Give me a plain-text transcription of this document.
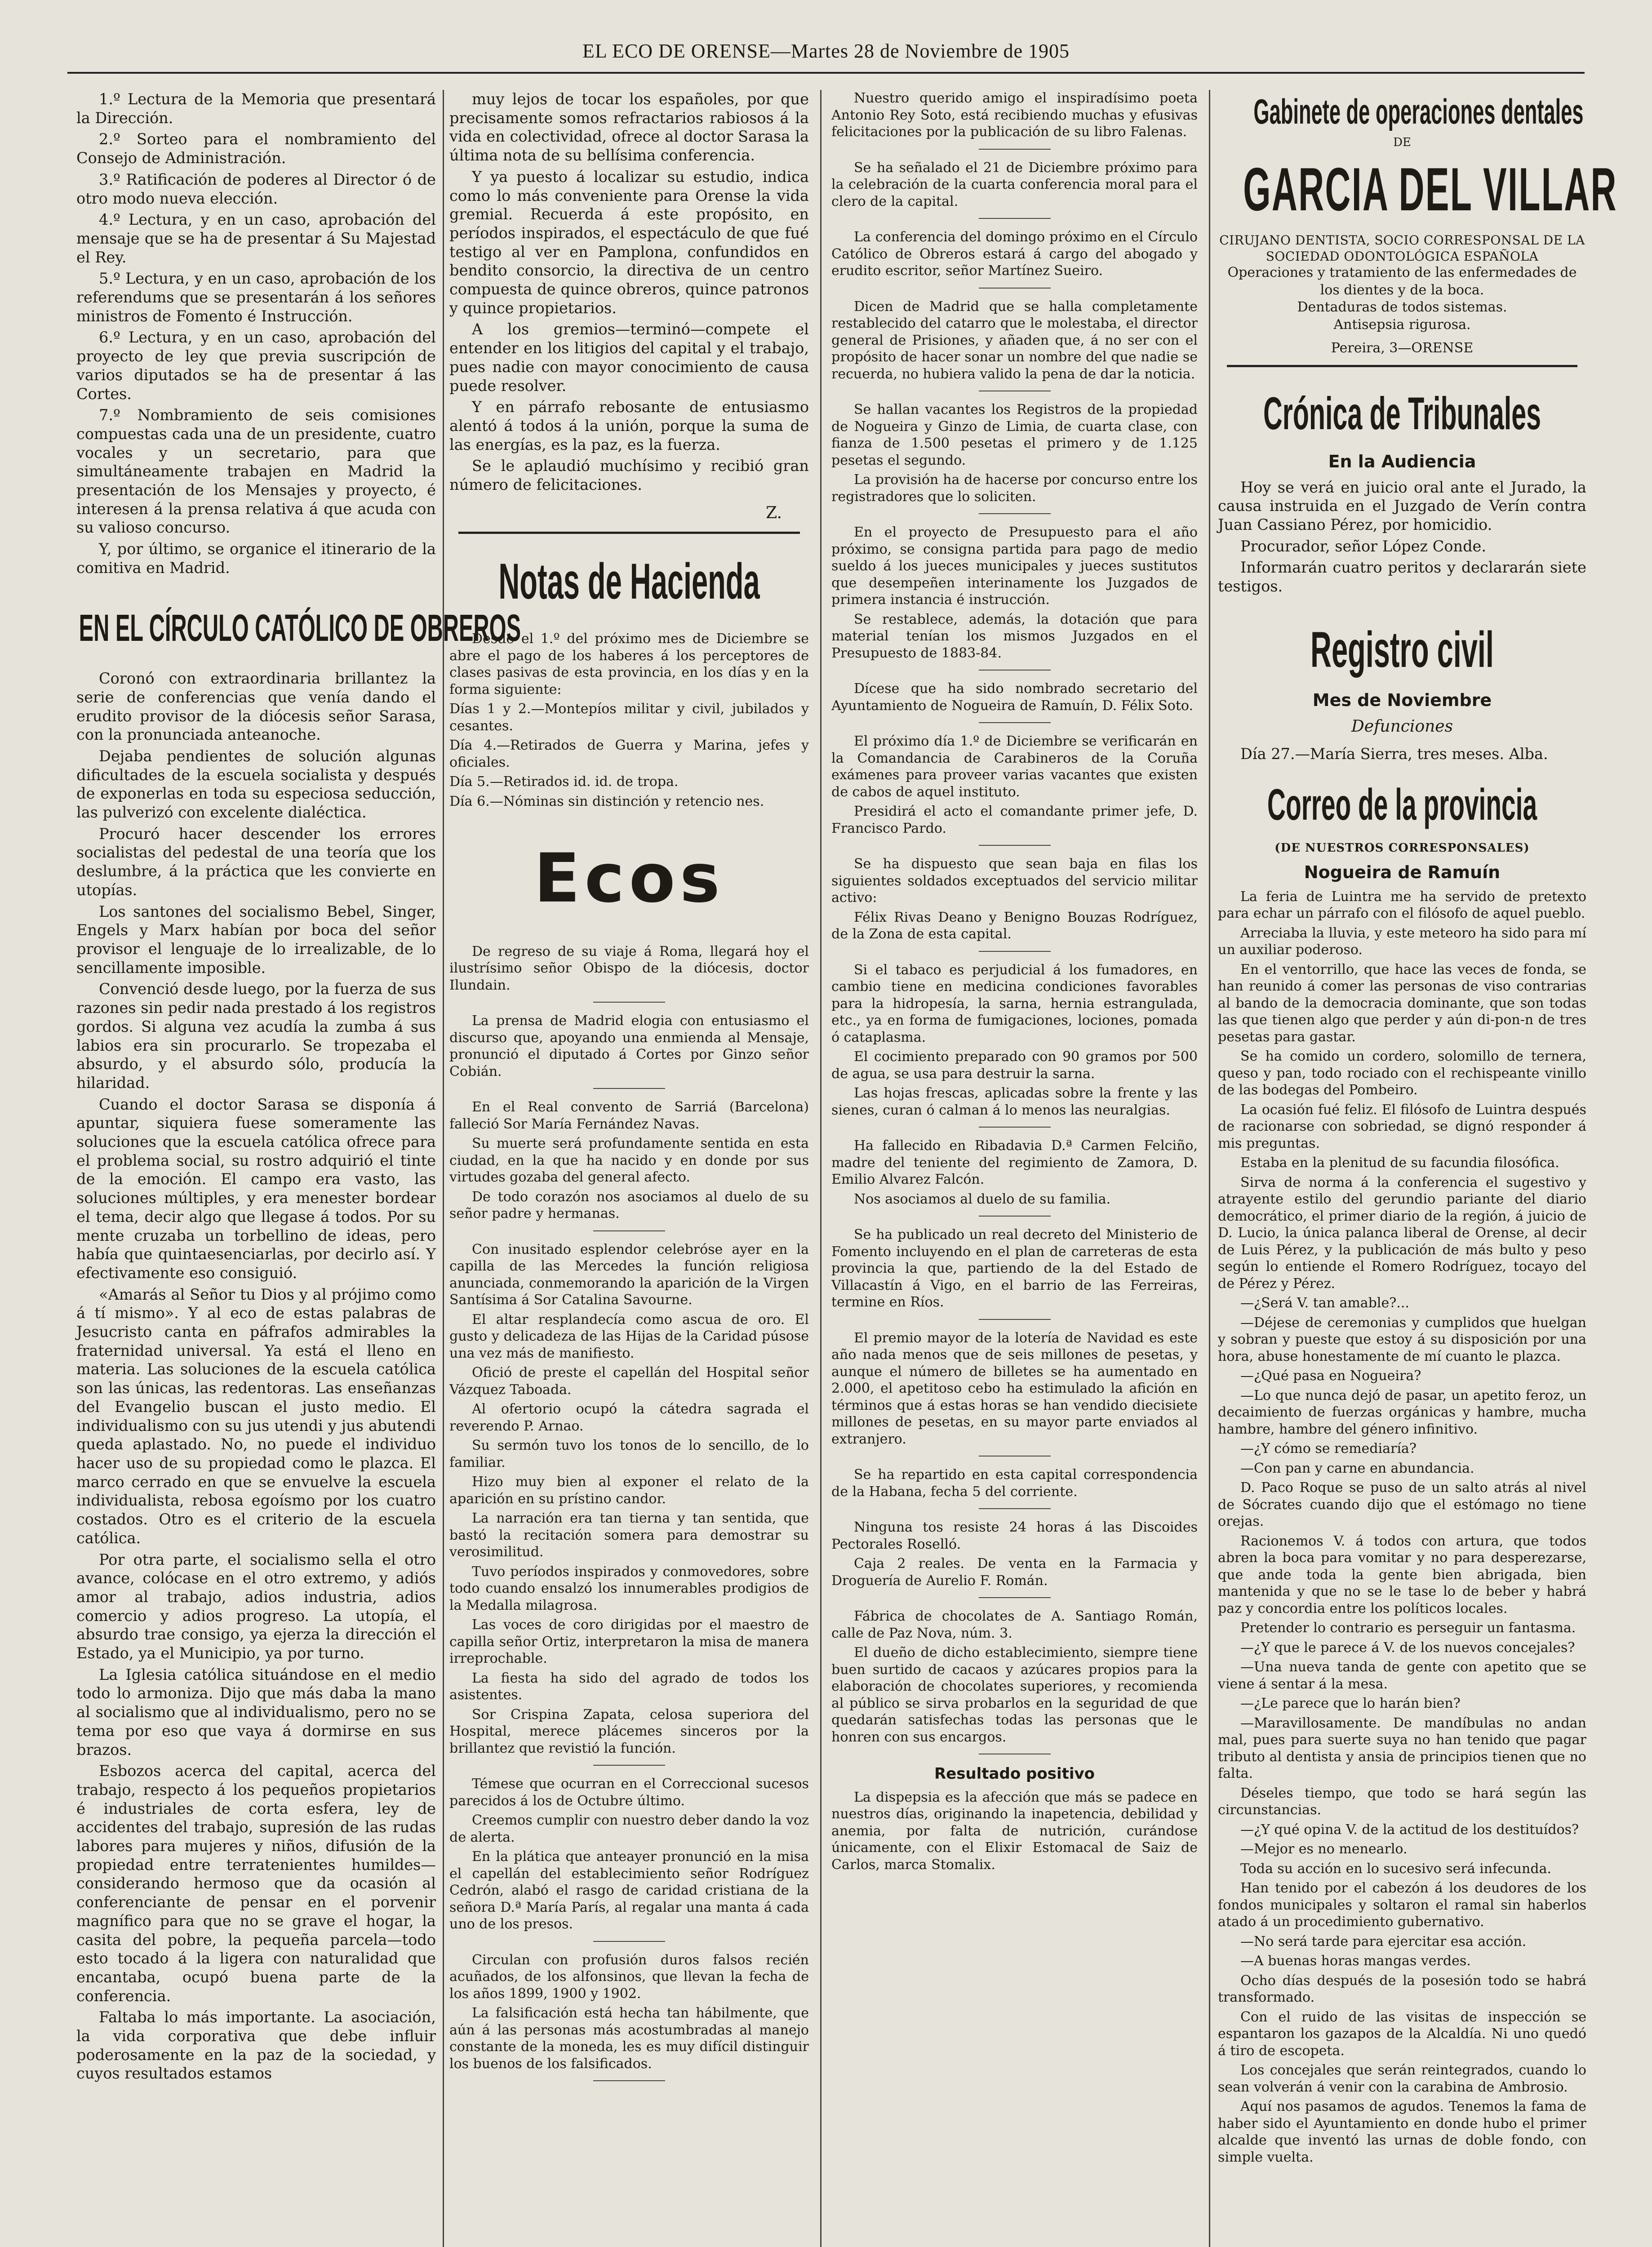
EL ECO DE ORENSE—Martes 28 de Noviembre de 1905

1.º Lectura de la Memoria que presentará la Dirección.

2.º Sorteo para el nombramiento del Consejo de Administración.

3.º Ratificación de poderes al Director ó de otro modo nueva elección.

4.º Lectura, y en un caso, aprobación del mensaje que se ha de presentar á Su Majestad el Rey.

5.º Lectura, y en un caso, aprobación de los referendums que se presentarán á los señores ministros de Fomento é Instrucción.

6.º Lectura, y en un caso, aprobación del proyecto de ley que previa suscripción de varios diputados se ha de presentar á las Cortes.

7.º Nombramiento de seis comisiones compuestas cada una de un presidente, cuatro vocales y un secretario, para que simultáneamente trabajen en Madrid la presentación de los Mensajes y proyecto, é interesen á la prensa relativa á que acuda con su valioso concurso.

Y, por último, se organice el itinerario de la comitiva en Madrid.

EN EL CÍRCULO CATÓLICO DE OBREROS

Coronó con extraordinaria brillantez la serie de conferencias que venía dando el erudito provisor de la diócesis señor Sarasa, con la pronunciada anteanoche.

Dejaba pendientes de solución algunas dificultades de la escuela socialista y después de exponerlas en toda su especiosa seducción, las pulverizó con excelente dialéctica.

Procuró hacer descender los errores socialistas del pedestal de una teoría que los deslumbre, á la práctica que les convierte en utopías.

Los santones del socialismo Bebel, Singer, Engels y Marx habían por boca del señor provisor el lenguaje de lo irrealizable, de lo sencillamente imposible.

Convenció desde luego, por la fuerza de sus razones sin pedir nada prestado á los registros gordos. Si alguna vez acudía la zumba á sus labios era sin procurarlo. Se tropezaba el absurdo, y el absurdo sólo, producía la hilaridad.

Cuando el doctor Sarasa se disponía á apuntar, siquiera fuese someramente las soluciones que la escuela católica ofrece para el problema social, su rostro adquirió el tinte de la emoción. El campo era vasto, las soluciones múltiples, y era menester bordear el tema, decir algo que llegase á todos. Por su mente cruzaba un torbellino de ideas, pero había que quintaesenciarlas, por decirlo así. Y efectivamente eso consiguió.

«Amarás al Señor tu Dios y al prójimo como á tí mismo». Y al eco de estas palabras de Jesucristo canta en páfrafos admirables la fraternidad universal. Ya está el lleno en materia. Las soluciones de la escuela católica son las únicas, las redentoras. Las enseñanzas del Evangelio buscan el justo medio. El individualismo con su jus utendi y jus abutendi queda aplastado. No, no puede el individuo hacer uso de su propiedad como le plazca. El marco cerrado en que se envuelve la escuela individualista, rebosa egoísmo por los cuatro costados. Otro es el criterio de la escuela católica.

Por otra parte, el socialismo sella el otro avance, colócase en el otro extremo, y adiós amor al trabajo, adios industria, adios comercio y adios progreso. La utopía, el absurdo trae consigo, ya ejerza la dirección el Estado, ya el Municipio, ya por turno.

La Iglesia católica situándose en el medio todo lo armoniza. Dijo que más daba la mano al socialismo que al individualismo, pero no se tema por eso que vaya á dormirse en sus brazos.

Esbozos acerca del capital, acerca del trabajo, respecto á los pequeños propietarios é industriales de corta esfera, ley de accidentes del trabajo, supresión de las rudas labores para mujeres y niños, difusión de la propiedad entre terratenientes humildes—considerando hermoso que da ocasión al conferenciante de pensar en el porvenir magnífico para que no se grave el hogar, la casita del pobre, la pequeña parcela—todo esto tocado á la ligera con naturalidad que encantaba, ocupó buena parte de la conferencia.

Faltaba lo más importante. La asociación, la vida corporativa que debe influir poderosamente en la paz de la sociedad, y cuyos resultados estamos

muy lejos de tocar los españoles, por que precisamente somos refractarios rabiosos á la vida en colectividad, ofrece al doctor Sarasa la última nota de su bellísima conferencia.

Y ya puesto á localizar su estudio, indica como lo más conveniente para Orense la vida gremial. Recuerda á este propósito, en períodos inspirados, el espectáculo de que fué testigo al ver en Pamplona, confundidos en bendito consorcio, la directiva de un centro compuesta de quince obreros, quince patronos y quince propietarios.

A los gremios—terminó—compete el entender en los litigios del capital y el trabajo, pues nadie con mayor conocimiento de causa puede resolver.

Y en párrafo rebosante de entusiasmo alentó á todos á la unión, porque la suma de las energías, es la paz, es la fuerza.

Se le aplaudió muchísimo y recibió gran número de felicitaciones.

Z.
Notas de Hacienda

Desde el 1.º del próximo mes de Diciembre se abre el pago de los haberes á los perceptores de clases pasivas de esta provincia, en los días y en la forma siguiente:

Días 1 y 2.—Montepíos militar y civil, jubilados y cesantes.

Día 4.—Retirados de Guerra y Marina, jefes y oficiales.

Día 5.—Retirados id. id. de tropa.

Día 6.—Nóminas sin distinción y retencio nes.

Ecos

De regreso de su viaje á Roma, llegará hoy el ilustrísimo señor Obispo de la diócesis, doctor Ilundain.

La prensa de Madrid elogia con entusiasmo el discurso que, apoyando una enmienda al Mensaje, pronunció el diputado á Cortes por Ginzo señor Cobián.

En el Real convento de Sarriá (Barcelona) falleció Sor María Fernández Navas.

Su muerte será profundamente sentida en esta ciudad, en la que ha nacido y en donde por sus virtudes gozaba del general afecto.

De todo corazón nos asociamos al duelo de su señor padre y hermanas.

Con inusitado esplendor celebróse ayer en la capilla de las Mercedes la función religiosa anunciada, conmemorando la aparición de la Virgen Santísima á Sor Catalina Savourne.

El altar resplandecía como ascua de oro. El gusto y delicadeza de las Hijas de la Caridad púsose una vez más de manifiesto.

Ofició de preste el capellán del Hospital señor Vázquez Taboada.

Al ofertorio ocupó la cátedra sagrada el reverendo P. Arnao.

Su sermón tuvo los tonos de lo sencillo, de lo familiar.

Hizo muy bien al exponer el relato de la aparición en su prístino candor.

La narración era tan tierna y tan sentida, que bastó la recitación somera para demostrar su verosimilitud.

Tuvo períodos inspirados y conmovedores, sobre todo cuando ensalzó los innumerables prodigios de la Medalla milagrosa.

Las voces de coro dirigidas por el maestro de capilla señor Ortiz, interpretaron la misa de manera irreprochable.

La fiesta ha sido del agrado de todos los asistentes.

Sor Crispina Zapata, celosa superiora del Hospital, merece plácemes sinceros por la brillantez que revistió la función.

Témese que ocurran en el Correccional sucesos parecidos á los de Octubre último.

Creemos cumplir con nuestro deber dando la voz de alerta.

En la plática que anteayer pronunció en la misa el capellán del establecimiento señor Rodríguez Cedrón, alabó el rasgo de caridad cristiana de la señora D.ª María París, al regalar una manta á cada uno de los presos.

Circulan con profusión duros falsos recién acuñados, de los alfonsinos, que llevan la fecha de los años 1899, 1900 y 1902.

La falsificación está hecha tan hábilmente, que aún á las personas más acostumbradas al manejo constante de la moneda, les es muy difícil distinguir los buenos de los falsificados.

Nuestro querido amigo el inspiradísimo poeta Antonio Rey Soto, está recibiendo muchas y efusivas felicitaciones por la publicación de su libro Falenas.

Se ha señalado el 21 de Diciembre próximo para la celebración de la cuarta conferencia moral para el clero de la capital.

La conferencia del domingo próximo en el Círculo Católico de Obreros estará á cargo del abogado y erudito escritor, señor Martínez Sueiro.

Dicen de Madrid que se halla completamente restablecido del catarro que le molestaba, el director general de Prisiones, y añaden que, á no ser con el propósito de hacer sonar un nombre del que nadie se recuerda, no hubiera valido la pena de dar la noticia.

Se hallan vacantes los Registros de la propiedad de Nogueira y Ginzo de Limia, de cuarta clase, con fianza de 1.500 pesetas el primero y de 1.125 pesetas el segundo.

La provisión ha de hacerse por concurso entre los registradores que lo soliciten.

En el proyecto de Presupuesto para el año próximo, se consigna partida para pago de medio sueldo á los jueces municipales y jueces sustitutos que desempeñen interinamente los Juzgados de primera instancia é instrucción.

Se restablece, además, la dotación que para material tenían los mismos Juzgados en el Presupuesto de 1883-84.

Dícese que ha sido nombrado secretario del Ayuntamiento de Nogueira de Ramuín, D. Félix Soto.

El próximo día 1.º de Diciembre se verificarán en la Comandancia de Carabineros de la Coruña exámenes para proveer varias vacantes que existen de cabos de aquel instituto.

Presidirá el acto el comandante primer jefe, D. Francisco Pardo.

Se ha dispuesto que sean baja en filas los siguientes soldados exceptuados del servicio militar activo:

Félix Rivas Deano y Benigno Bouzas Rodríguez, de la Zona de esta capital.

Si el tabaco es perjudicial á los fumadores, en cambio tiene en medicina condiciones favorables para la hidropesía, la sarna, hernia estrangulada, etc., ya en forma de fumigaciones, lociones, pomada ó cataplasma.

El cocimiento preparado con 90 gramos por 500 de agua, se usa para destruir la sarna.

Las hojas frescas, aplicadas sobre la frente y las sienes, curan ó calman á lo menos las neuralgias.

Ha fallecido en Ribadavia D.ª Carmen Felciño, madre del teniente del regimiento de Zamora, D. Emilio Alvarez Falcón.

Nos asociamos al duelo de su familia.

Se ha publicado un real decreto del Ministerio de Fomento incluyendo en el plan de carreteras de esta provincia la que, partiendo de la del Estado de Villacastín á Vigo, en el barrio de las Ferreiras, termine en Ríos.

El premio mayor de la lotería de Navidad es este año nada menos que de seis millones de pesetas, y aunque el número de billetes se ha aumentado en 2.000, el apetitoso cebo ha estimulado la afición en términos que á estas horas se han vendido diecisiete millones de pesetas, en su mayor parte enviados al extranjero.

Se ha repartido en esta capital correspondencia de la Habana, fecha 5 del corriente.

Ninguna tos resiste 24 horas á las Discoides Pectorales Roselló.

Caja 2 reales. De venta en la Farmacia y Droguería de Aurelio F. Román.

Fábrica de chocolates de A. Santiago Román, calle de Paz Nova, núm. 3.

El dueño de dicho establecimiento, siempre tiene buen surtido de cacaos y azúcares propios para la elaboración de chocolates superiores, y recomienda al público se sirva probarlos en la seguridad de que quedarán satisfechas todas las personas que le honren con sus encargos.

Resultado positivo

La dispepsia es la afección que más se padece en nuestros días, originando la inapetencia, debilidad y anemia, por falta de nutrición, curándose únicamente, con el Elixir Estomacal de Saiz de Carlos, marca Stomalix.

Gabinete de operaciones dentales
DE
GARCIA DEL VILLAR
CIRUJANO DENTISTA, SOCIO CORRESPONSAL DE LA SOCIEDAD ODONTOLÓGICA ESPAÑOLA
Operaciones y tratamiento de las enfermedades de los dientes y de la boca.
Dentaduras de todos sistemas.
Antisepsia rigurosa.
Pereira, 3—ORENSE
Crónica de Tribunales
En la Audiencia

Hoy se verá en juicio oral ante el Jurado, la causa instruida en el Juzgado de Verín contra Juan Cassiano Pérez, por homicidio.

Procurador, señor López Conde.

Informarán cuatro peritos y declararán siete testigos.

Registro civil
Mes de Noviembre
Defunciones

Día 27.—María Sierra, tres meses. Alba.

Correo de la provincia
(DE NUESTROS CORRESPONSALES)
Nogueira de Ramuín

La feria de Luintra me ha servido de pretexto para echar un párrafo con el filósofo de aquel pueblo.

Arreciaba la lluvia, y este meteoro ha sido para mí un auxiliar poderoso.

En el ventorrillo, que hace las veces de fonda, se han reunido á comer las personas de viso contrarias al bando de la democracia dominante, que son todas las que tienen algo que perder y aún di-pon-n de tres pesetas para gastar.

Se ha comido un cordero, solomillo de ternera, queso y pan, todo rociado con el rechispeante vinillo de las bodegas del Pombeiro.

La ocasión fué feliz. El filósofo de Luintra después de racionarse con sobriedad, se dignó responder á mis preguntas.

Estaba en la plenitud de su facundia filosófica.

Sirva de norma á la conferencia el sugestivo y atrayente estilo del gerundio pariante del diario democrático, el primer diario de la región, á juicio de D. Lucio, la única palanca liberal de Orense, al decir de Luis Pérez, y la publicación de más bulto y peso según lo entiende el Romero Rodríguez, tocayo del de Pérez y Pérez.

—¿Será V. tan amable?...

—Déjese de ceremonias y cumplidos que huelgan y sobran y pueste que estoy á su disposición por una hora, abuse honestamente de mí cuanto le plazca.

—¿Qué pasa en Nogueira?

—Lo que nunca dejó de pasar, un apetito feroz, un decaimiento de fuerzas orgánicas y hambre, mucha hambre, hambre del género infinitivo.

—¿Y cómo se remediaría?

—Con pan y carne en abundancia.

D. Paco Roque se puso de un salto atrás al nivel de Sócrates cuando dijo que el estómago no tiene orejas.

Racionemos V. á todos con artura, que todos abren la boca para vomitar y no para desperezarse, que ande toda la gente bien abrigada, bien mantenida y que no se le tase lo de beber y habrá paz y concordia entre los políticos locales.

Pretender lo contrario es perseguir un fantasma.

—¿Y que le parece á V. de los nuevos concejales?

—Una nueva tanda de gente con apetito que se viene á sentar á la mesa.

—¿Le parece que lo harán bien?

—Maravillosamente. De mandíbulas no andan mal, pues para suerte suya no han tenido que pagar tributo al dentista y ansia de principios tienen que no falta.

Déseles tiempo, que todo se hará según las circunstancias.

—¿Y qué opina V. de la actitud de los destituídos?

—Mejor es no menearlo.

Toda su acción en lo sucesivo será infecunda.

Han tenido por el cabezón á los deudores de los fondos municipales y soltaron el ramal sin haberlos atado á un procedimiento gubernativo.

—No será tarde para ejercitar esa acción.

—A buenas horas mangas verdes.

Ocho días después de la posesión todo se habrá transformado.

Con el ruido de las visitas de inspección se espantaron los gazapos de la Alcaldía. Ni uno quedó á tiro de escopeta.

Los concejales que serán reintegrados, cuando lo sean volverán á venir con la carabina de Ambrosio.

Aquí nos pasamos de agudos. Tenemos la fama de haber sido el Ayuntamiento en donde hubo el primer alcalde que inventó las urnas de doble fondo, con simple vuelta.
